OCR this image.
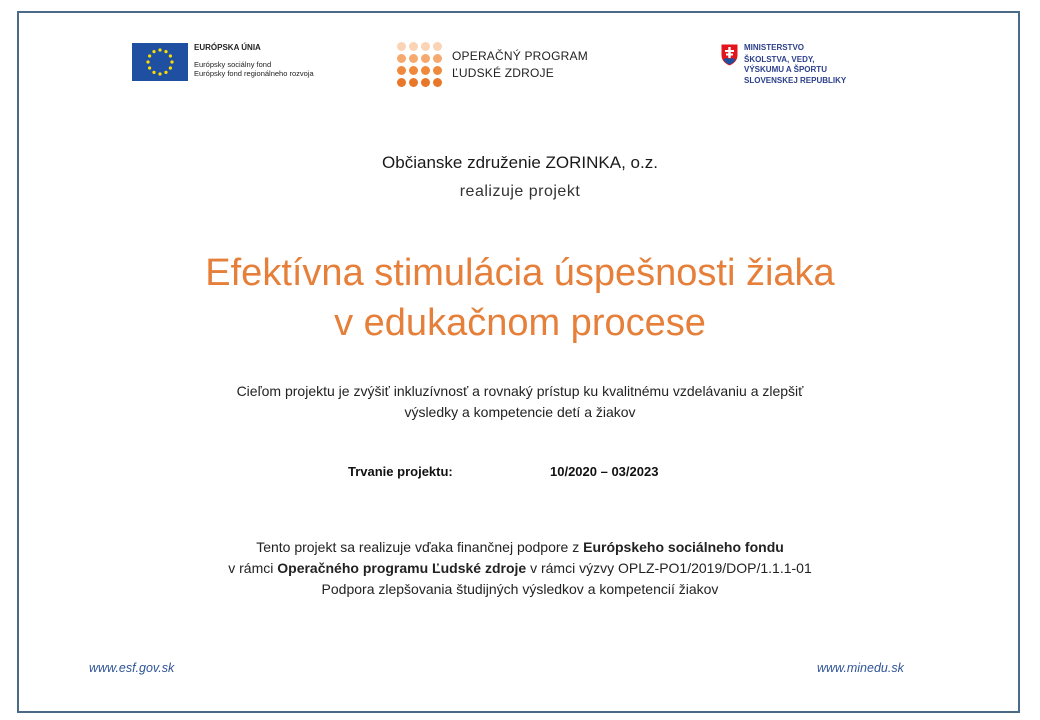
EURÓPSKA ÚNIA
Európsky sociálny fond
Európsky fond regionálneho rozvoja
OPERAČNÝ PROGRAM
ĽUDSKÉ ZDROJE
MINISTERSTVO
ŠKOLSTVA, VEDY,
VÝSKUMU A ŠPORTU
SLOVENSKEJ REPUBLIKY
Občianske združenie ZORINKA, o.z.
realizuje projekt
Efektívna stimulácia úspešnosti žiaka
v edukačnom procese
Cieľom projektu je zvýšiť inkluzívnosť a rovnaký prístup ku kvalitnému vzdelávaniu a zlepšiť
výsledky a kompetencie detí a žiakov
Trvanie projektu:	10/2020 – 03/2023
Tento projekt sa realizuje vďaka finančnej podpore z Európskeho sociálneho fondu
v rámci Operačného programu Ľudské zdroje v rámci výzvy OPLZ-PO1/2019/DOP/1.1.1-01
Podpora zlepšovania študijných výsledkov a kompetencií žiakov
www.esf.gov.sk	www.minedu.sk
